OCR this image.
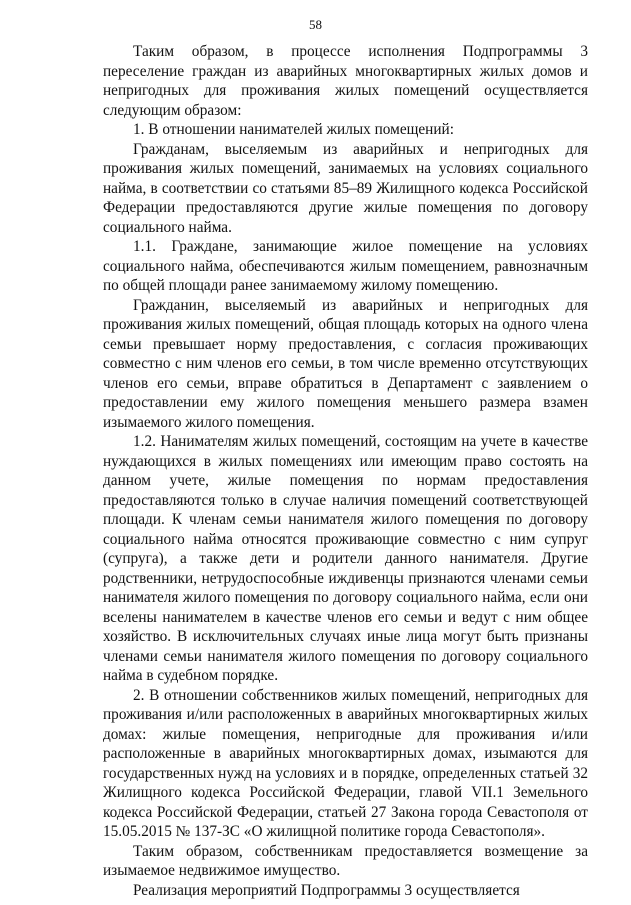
58

Таким образом, в процессе исполнения Подпрограммы 3 переселение граждан из аварийных многоквартирных жилых домов и непригодных для проживания жилых помещений осуществляется следующим образом:

1. В отношении нанимателей жилых помещений:

Гражданам, выселяемым из аварийных и непригодных для проживания жилых помещений, занимаемых на условиях социального найма, в соответствии со статьями 85–89 Жилищного кодекса Российской Федерации предоставляются другие жилые помещения по договору социального найма.

1.1. Граждане, занимающие жилое помещение на условиях социального найма, обеспечиваются жилым помещением, равнозначным по общей площади ранее занимаемому жилому помещению.

Гражданин, выселяемый из аварийных и непригодных для проживания жилых помещений, общая площадь которых на одного члена семьи превышает норму предоставления, с согласия проживающих совместно с ним членов его семьи, в том числе временно отсутствующих членов его семьи, вправе обратиться в Департамент с заявлением о предоставлении ему жилого помещения меньшего размера взамен изымаемого жилого помещения.

1.2. Нанимателям жилых помещений, состоящим на учете в качестве нуждающихся в жилых помещениях или имеющим право состоять на данном учете, жилые помещения по нормам предоставления предоставляются только в случае наличия помещений соответствующей площади. К членам семьи нанимателя жилого помещения по договору социального найма относятся проживающие совместно с ним супруг (супруга), а также дети и родители данного нанимателя. Другие родственники, нетрудоспособные иждивенцы признаются членами семьи нанимателя жилого помещения по договору социального найма, если они вселены нанимателем в качестве членов его семьи и ведут с ним общее хозяйство. В исключительных случаях иные лица могут быть признаны членами семьи нанимателя жилого помещения по договору социального найма в судебном порядке.

2. В отношении собственников жилых помещений, непригодных для проживания и/или расположенных в аварийных многоквартирных жилых домах: жилые помещения, непригодные для проживания и/или расположенные в аварийных многоквартирных домах, изымаются для государственных нужд на условиях и в порядке, определенных статьей 32 Жилищного кодекса Российской Федерации, главой VII.1 Земельного кодекса Российской Федерации, статьей 27 Закона города Севастополя от 15.05.2015 № 137-ЗС «О жилищной политике города Севастополя».

Таким образом, собственникам предоставляется возмещение за изымаемое недвижимое имущество.

Реализация мероприятий Подпрограммы 3 осуществляется
